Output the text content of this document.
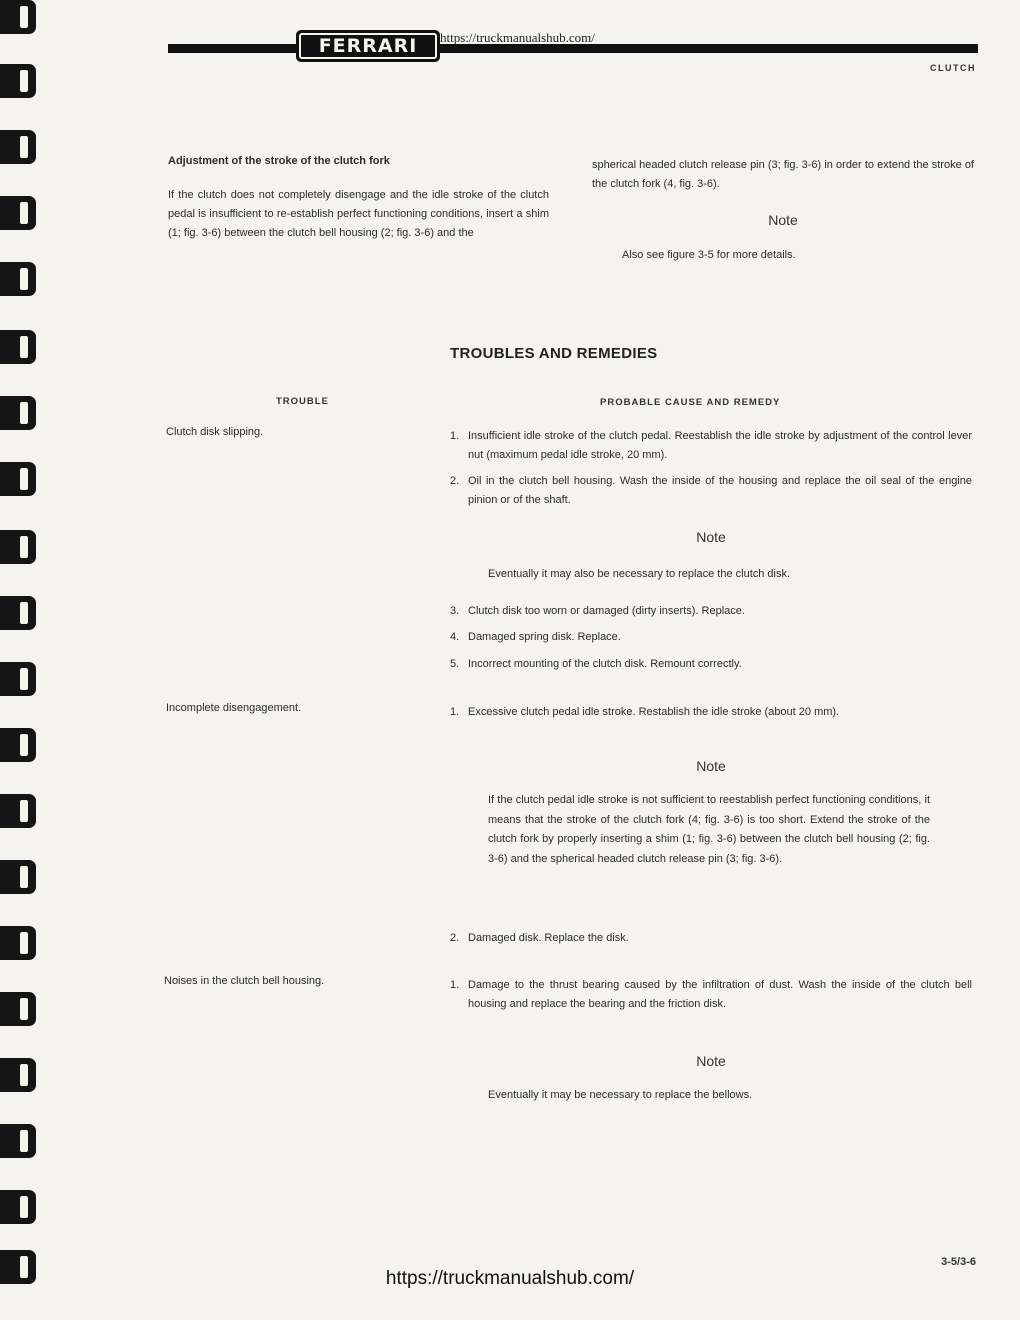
FERRARI	https://truckmanualshub.com/
CLUTCH
Adjustment of the stroke of the clutch fork
If the clutch does not completely disengage and the idle stroke of the clutch pedal is insufficient to re-establish perfect functioning conditions, insert a shim (1; fig. 3-6) between the clutch bell housing (2; fig. 3-6) and the
spherical headed clutch release pin (3; fig. 3-6) in order to extend the stroke of the clutch fork (4, fig. 3-6).
Note
Also see figure 3-5 for more details.
TROUBLES AND REMEDIES
TROUBLE	PROBABLE CAUSE AND REMEDY
Clutch disk slipping.	1. Insufficient idle stroke of the clutch pedal. Reestablish the idle stroke by adjustment of the control lever nut (maximum pedal idle stroke, 20 mm).
2. Oil in the clutch bell housing. Wash the inside of the housing and replace the oil seal of the engine pinion or of the shaft.
Note
Eventually it may also be necessary to replace the clutch disk.
3. Clutch disk too worn or damaged (dirty inserts). Replace.
4. Damaged spring disk. Replace.
5. Incorrect mounting of the clutch disk. Remount correctly.
Incomplete disengagement.	1. Excessive clutch pedal idle stroke. Restablish the idle stroke (about 20 mm).
Note
If the clutch pedal idle stroke is not sufficient to reestablish perfect functioning conditions, it means that the stroke of the clutch fork (4; fig. 3-6) is too short. Extend the stroke of the clutch fork by properly inserting a shim (1; fig. 3-6) between the clutch bell housing (2; fig. 3-6) and the spherical headed clutch release pin (3; fig. 3-6).
2. Damaged disk. Replace the disk.
Noises in the clutch bell housing.	1. Damage to the thrust bearing caused by the infiltration of dust. Wash the inside of the clutch bell housing and replace the bearing and the friction disk.
Note
Eventually it may be necessary to replace the bellows.
3-5/3-6
https://truckmanualshub.com/
